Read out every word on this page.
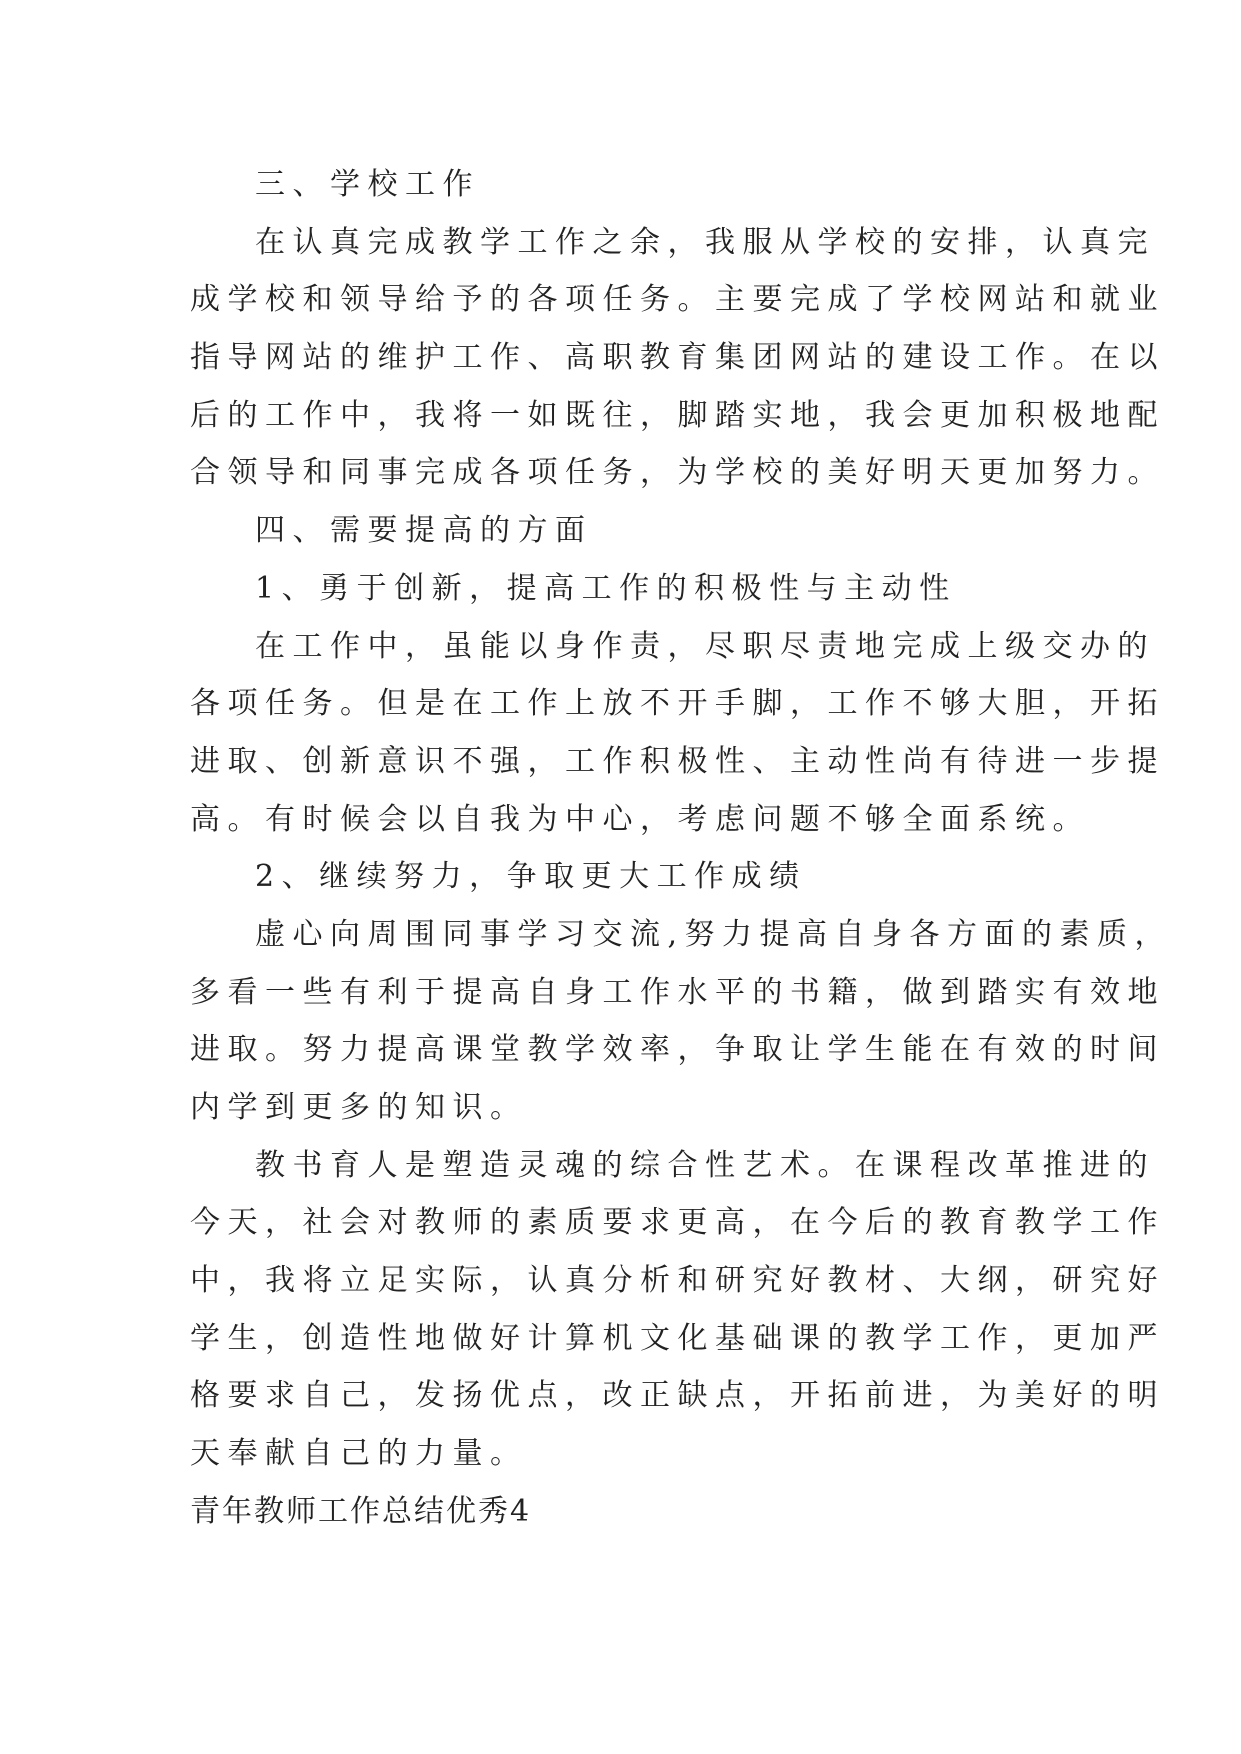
三、学校工作
在认真完成教学工作之余，我服从学校的安排，认真完
成学校和领导给予的各项任务。主要完成了学校网站和就业
指导网站的维护工作、高职教育集团网站的建设工作。在以
后的工作中，我将一如既往，脚踏实地，我会更加积极地配
合领导和同事完成各项任务，为学校的美好明天更加努力。
四、需要提高的方面
1、勇于创新，提高工作的积极性与主动性
在工作中，虽能以身作责，尽职尽责地完成上级交办的
各项任务。但是在工作上放不开手脚，工作不够大胆，开拓
进取、创新意识不强，工作积极性、主动性尚有待进一步提
高。有时候会以自我为中心，考虑问题不够全面系统。
2、继续努力，争取更大工作成绩
虚心向周围同事学习交流,努力提高自身各方面的素质，
多看一些有利于提高自身工作水平的书籍，做到踏实有效地
进取。努力提高课堂教学效率，争取让学生能在有效的时间
内学到更多的知识。
教书育人是塑造灵魂的综合性艺术。在课程改革推进的
今天，社会对教师的素质要求更高，在今后的教育教学工作
中，我将立足实际，认真分析和研究好教材、大纲，研究好
学生，创造性地做好计算机文化基础课的教学工作，更加严
格要求自己，发扬优点，改正缺点，开拓前进，为美好的明
天奉献自己的力量。
青年教师工作总结优秀4
